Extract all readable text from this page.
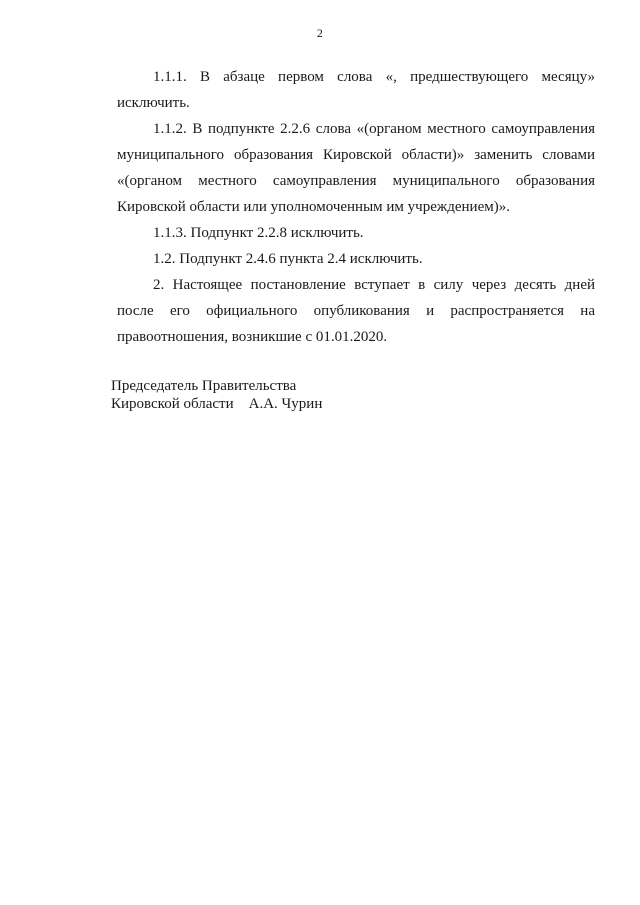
2

1.1.1. В абзаце первом слова «, предшествующего месяцу» исключить.

1.1.2. В подпункте 2.2.6 слова «(органом местного самоуправления муниципального образования Кировской области)» заменить словами «(органом местного самоуправления муниципального образования Кировской области или уполномоченным им учреждением)».

1.1.3. Подпункт 2.2.8 исключить.

1.2. Подпункт 2.4.6 пункта 2.4 исключить.

2. Настоящее постановление вступает в силу через десять дней после его официального опубликования и распространяется на правоотношения, возникшие с 01.01.2020.

Председатель Правительства
Кировской области А.А. Чурин
